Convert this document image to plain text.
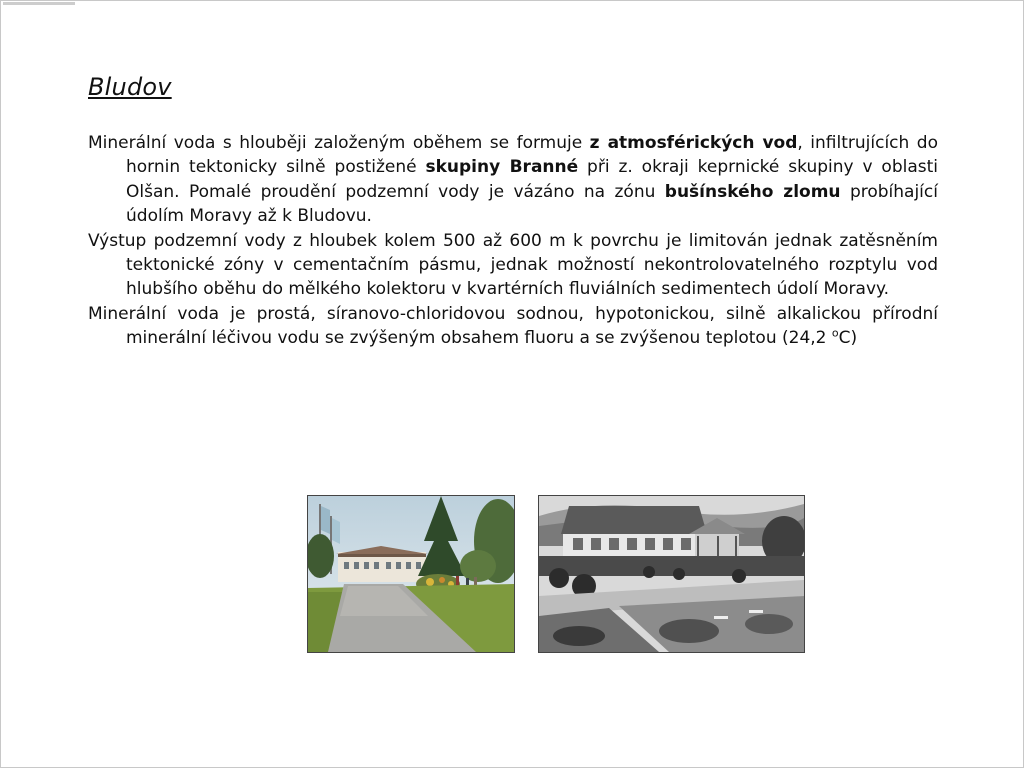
Bludov

Minerální voda s hlouběji založeným oběhem se formuje z atmosférických vod, infiltrujících do hornin tektonicky silně postižené skupiny Branné při z. okraji keprnické skupiny v oblasti Olšan. Pomalé proudění podzemní vody je vázáno na zónu bušínského zlomu probíhající údolím Moravy až k Bludovu.

Výstup podzemní vody z hloubek kolem 500 až 600 m k povrchu je limitován jednak zatěsněním tektonické zóny v cementačním pásmu, jednak možností nekontrolovatelného rozptylu vod hlubšího oběhu do mělkého kolektoru v kvartérních fluviálních sedimentech údolí Moravy.

Minerální voda je prostá, síranovo-chloridovou sodnou, hypotonickou, silně alkalickou přírodní minerální léčivou vodu se zvýšeným obsahem fluoru a se zvýšenou teplotou (24,2 $^o$C)
